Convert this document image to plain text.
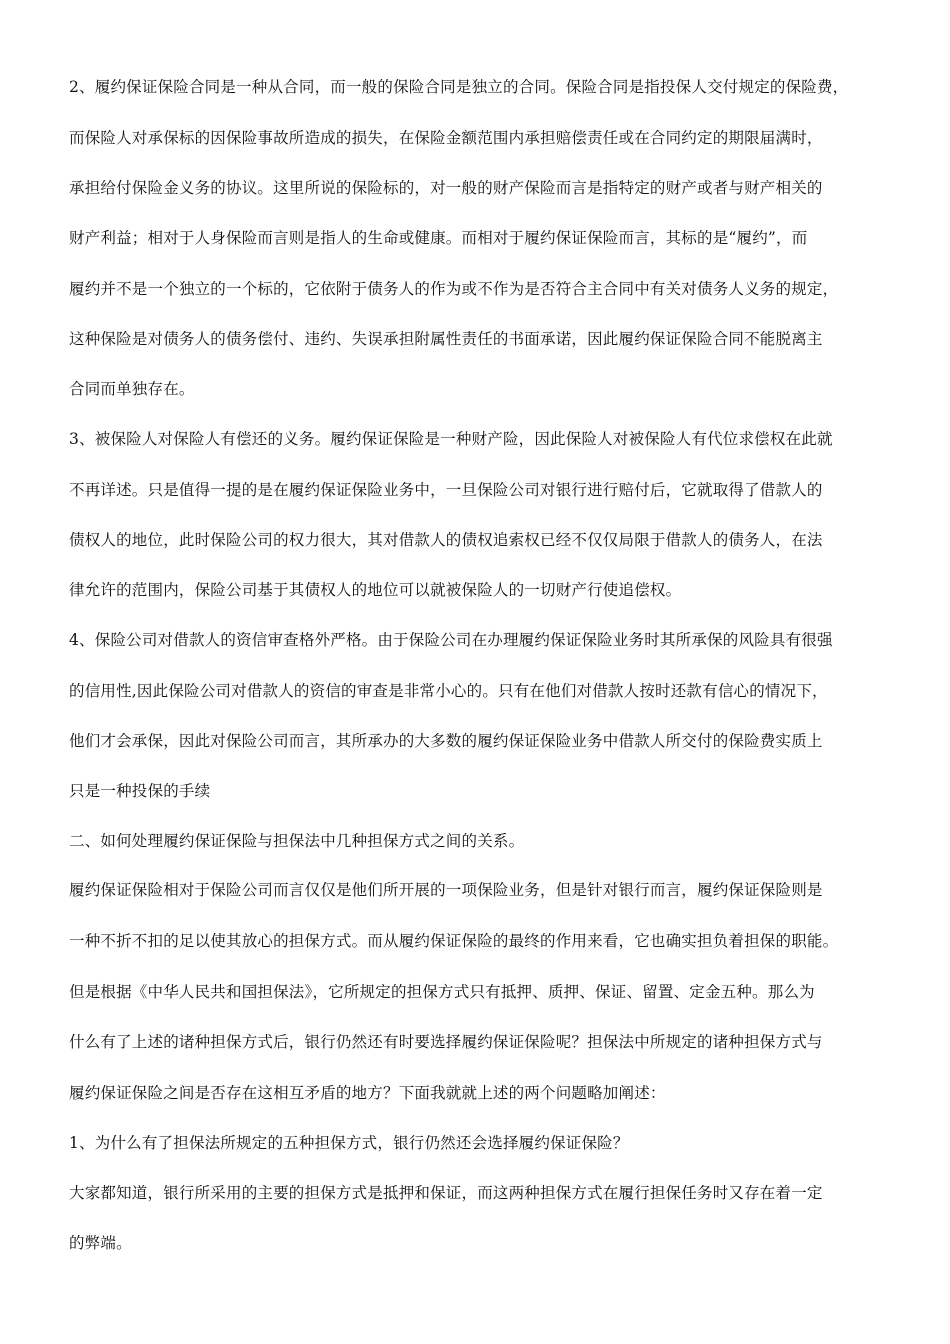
2、履约保证保险合同是一种从合同，而一般的保险合同是独立的合同。保险合同是指投保人交付规定的保险费，
而保险人对承保标的因保险事故所造成的损失，在保险金额范围内承担赔偿责任或在合同约定的期限届满时，
承担给付保险金义务的协议。这里所说的保险标的，对一般的财产保险而言是指特定的财产或者与财产相关的
财产利益；相对于人身保险而言则是指人的生命或健康。而相对于履约保证保险而言，其标的是“履约”，而
履约并不是一个独立的一个标的，它依附于债务人的作为或不作为是否符合主合同中有关对债务人义务的规定，
这种保险是对债务人的债务偿付、违约、失误承担附属性责任的书面承诺，因此履约保证保险合同不能脱离主
合同而单独存在。
3、被保险人对保险人有偿还的义务。履约保证保险是一种财产险，因此保险人对被保险人有代位求偿权在此就
不再详述。只是值得一提的是在履约保证保险业务中，一旦保险公司对银行进行赔付后，它就取得了借款人的
债权人的地位，此时保险公司的权力很大，其对借款人的债权追索权已经不仅仅局限于借款人的债务人，在法
律允许的范围内，保险公司基于其债权人的地位可以就被保险人的一切财产行使追偿权。
4、保险公司对借款人的资信审查格外严格。由于保险公司在办理履约保证保险业务时其所承保的风险具有很强
的信用性,因此保险公司对借款人的资信的审查是非常小心的。只有在他们对借款人按时还款有信心的情况下，
他们才会承保，因此对保险公司而言，其所承办的大多数的履约保证保险业务中借款人所交付的保险费实质上
只是一种投保的手续
二、如何处理履约保证保险与担保法中几种担保方式之间的关系。
履约保证保险相对于保险公司而言仅仅是他们所开展的一项保险业务，但是针对银行而言，履约保证保险则是
一种不折不扣的足以使其放心的担保方式。而从履约保证保险的最终的作用来看，它也确实担负着担保的职能。
但是根据《中华人民共和国担保法》，它所规定的担保方式只有抵押、质押、保证、留置、定金五种。那么为
什么有了上述的诸种担保方式后，银行仍然还有时要选择履约保证保险呢？担保法中所规定的诸种担保方式与
履约保证保险之间是否存在这相互矛盾的地方？下面我就就上述的两个问题略加阐述：
1、为什么有了担保法所规定的五种担保方式，银行仍然还会选择履约保证保险？
大家都知道，银行所采用的主要的担保方式是抵押和保证，而这两种担保方式在履行担保任务时又存在着一定
的弊端。
